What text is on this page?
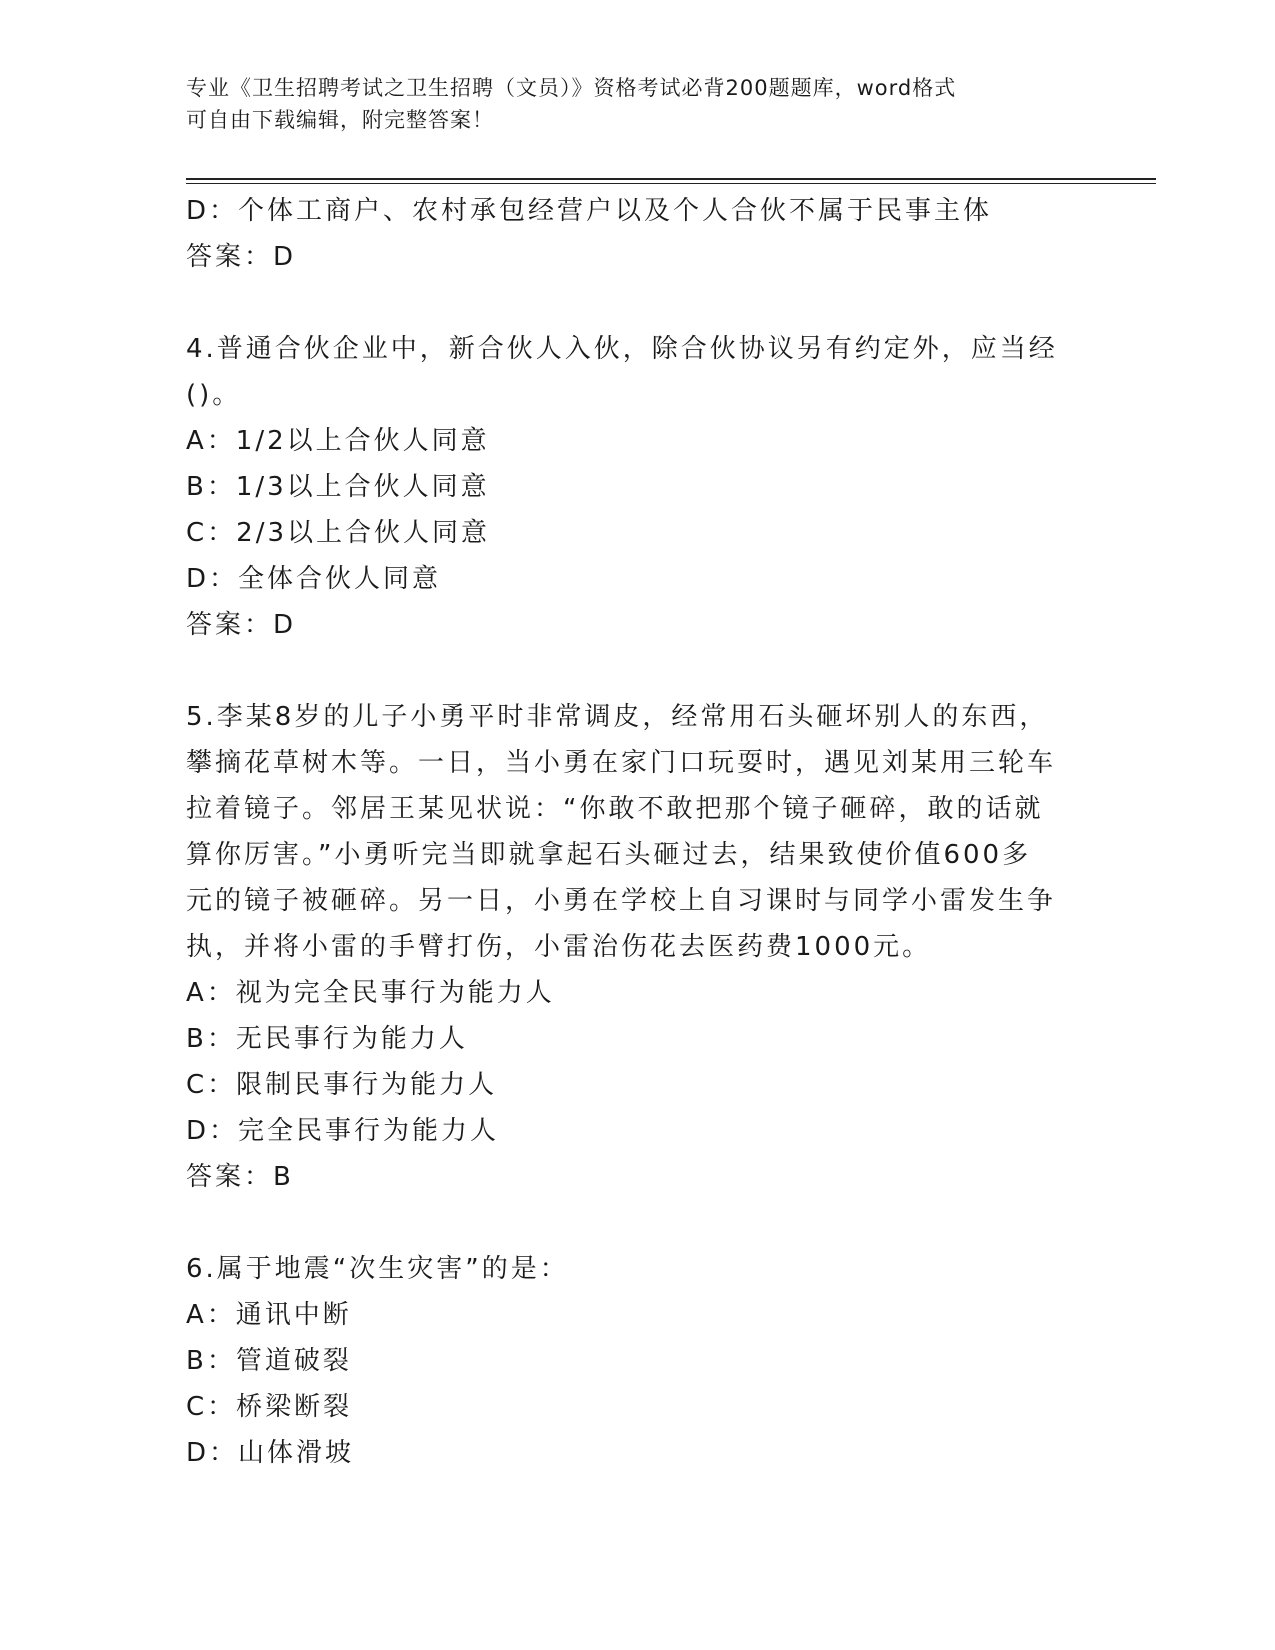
专业《卫生招聘考试之卫生招聘（文员）》资格考试必背200题题库，word格式
可自由下载编辑，附完整答案！
D：个体工商户、农村承包经营户以及个人合伙不属于民事主体
答案：D
4.普通合伙企业中，新合伙人入伙，除合伙协议另有约定外，应当经
()。
A：1/2以上合伙人同意
B：1/3以上合伙人同意
C：2/3以上合伙人同意
D：全体合伙人同意
答案：D
5.李某8岁的儿子小勇平时非常调皮，经常用石头砸坏别人的东西，
攀摘花草树木等。一日，当小勇在家门口玩耍时，遇见刘某用三轮车
拉着镜子。邻居王某见状说：“你敢不敢把那个镜子砸碎，敢的话就
算你厉害。”小勇听完当即就拿起石头砸过去，结果致使价值600多
元的镜子被砸碎。另一日，小勇在学校上自习课时与同学小雷发生争
执，并将小雷的手臂打伤，小雷治伤花去医药费1000元。
A：视为完全民事行为能力人
B：无民事行为能力人
C：限制民事行为能力人
D：完全民事行为能力人
答案：B
6.属于地震“次生灾害”的是：
A：通讯中断
B：管道破裂
C：桥梁断裂
D：山体滑坡
